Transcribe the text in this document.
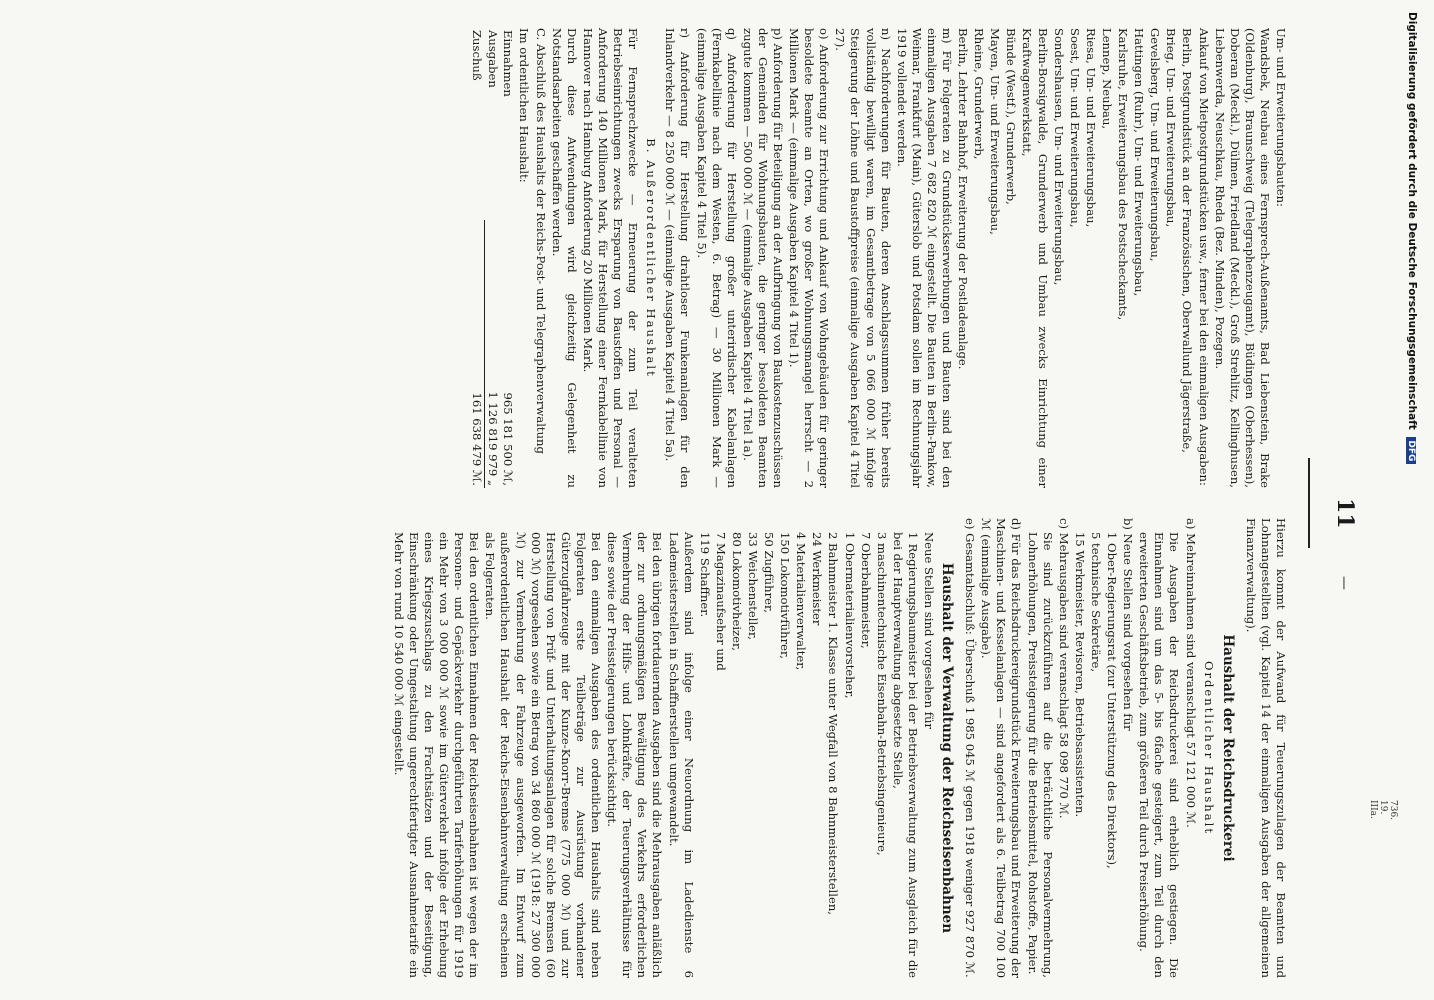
11
—
Um- und Erweiterungsbauten:
Wandsbek, Neubau eines Fernsprech-Außenamts, Bad Liebenstein, Brake (Oldenburg), Braunschweig (Telegraphenzeugamt), Büdingen (Oberhessen), Doberan (Meckl.), Dülmen, Friedland (Meckl.), Groß Strehlitz, Kellinghusen, Liebenwerda, Neuschkau, Rheda (Bez. Minden), Pozegen.
Ankauf von Mietpostgrundstücken usw., ferner bei den einmaligen Ausgaben:
Berlin, Postgrundstück an der Französischen, Oberwallund Jägerstraße,
Brieg, Um- und Erweiterungsbau,
Gevelsberg, Um- und Erweiterungsbau,
Hattingen (Ruhr), Um- und Erweiterungsbau,
Karlsruhe, Erweiterungsbau des Postscheckamts,
Lennep, Neubau,
Riesa, Um- und Erweiterungsbau,
Soest, Um- und Erweiterungsbau,
Sondershausen, Um- und Erweiterungsbau,
Berlin-Borsigwalde, Grunderwerb und Umbau zwecks Einrichtung einer Kraftwagenwerkstatt,
Bünde (Westf.), Grunderwerb,
Mayen, Um- und Erweiterungsbau,
Rheine, Grunderwerb,
Berlin, Lehrter Bahnhof, Erweiterung der Postladeanlage.
m) Für Folgeraten zu Grundstückserwerbungen und Bauten sind bei den einmaligen Ausgaben 7 682 820 ℳ eingestellt. Die Bauten in Berlin-Pankow, Weimar, Frankfurt (Main), Güterslob und Potsdam sollen im Rechnungsjahr 1919 vollendet werden.
n) Nachforderungen für Bauten, deren Anschlagssummen früher bereits vollständig bewilligt waren, im Gesamtbetrage von 5 066 000 ℳ infolge Steigerung der Löhne und Baustoffpreise (einmalige Ausgaben Kapitel 4 Titel 27).
o) Anforderung zur Errichtung und Ankauf von Wohngebäuden für geringer besoldete Beamte an Orten, wo großer Wohnungsmangel herrscht — 2 Millionen Mark — (einmalige Ausgaben Kapitel 4 Titel 1).
p) Anforderung für Beteiligung an der Aufbringung von Baukostenzuschüssen der Gemeinden für Wohnungsbauten, die geringer besoldeten Beamten zugute kommen — 500 000 ℳ — (einmalige Ausgaben Kapitel 4 Titel 1a).
q) Anforderung für Herstellung großer unterirdischer Kabelanlagen (Fernkabellinie nach dem Westen, 6. Betrag) — 30 Millionen Mark — (einmalige Ausgaben Kapitel 4 Titel 5).
r) Anforderung für Herstellung drahtloser Funkenanlagen für den Inlandverkehr — 8 250 000 ℳ — (einmalige Ausgaben Kapitel 4 Titel 5a).
B. Außerordentlicher Haushalt
Für Fernsprechzwecke — Erneuerung der zum Teil veralteten Betriebseinrichtungen zwecks Ersparung von Baustoffen und Personal — Anforderung 140 Millionen Mark, für Herstellung einer Fernkabellinie von Hannover nach Hamburg Anforderung 20 Millionen Mark.
Durch diese Aufwendungen wird gleichzeitig Gelegenheit zu Notstandsarbeiten geschaffen werden.
C. Abschluß des Haushalts der Reichs-Post- und Telegraphenverwaltung
Im ordentlichen Haushalt:
Einnahmen	965 181 500 ℳ,
Ausgaben	1 126 819 979 „
Zuschuß	161 638 479 ℳ.
Hierzu kommt der Aufwand für Teuerungszulagen der Beamten und Lohnangestellten (vgl. Kapitel 14 der einmaligen Ausgaben der allgemeinen Finanzverwaltung).
Haushalt der Reichsdruckerei
Ordentlicher Haushalt
a) Mehreinnahmen sind veranschlagt 57 121 000 ℳ.
Die Ausgaben der Reichsdruckerei sind erheblich gestiegen. Die Einnahmen sind um das 5- bis 6fache gesteigert, zum Teil durch den erweiterten Geschäftsbetrieb, zum größeren Teil durch Preiserhöhung.
b) Neue Stellen sind vorgesehen für
1 Ober-Regierungsrat (zur Unterstützung des Direktors),
5 technische Sekretäre,
15 Werkmeister, Revisoren, Betriebsassistenten.
c) Mehrausgaben sind veranschlagt 58 098 770 ℳ.
Sie sind zurückzuführen auf die beträchtliche Personalvermehrung, Lohnerhöhungen, Preissteigerung für die Betriebsmittel, Rohstoffe, Papier.
d) Für das Reichsdruckereigrundstück Erweiterungsbau und Erweiterung der Maschinen- und Kesselanlagen — sind angefordert als 6. Teilbetrag 700 100 ℳ (einmalige Ausgabe).
e) Gesamtabschluß: Überschuß 1 985 045 ℳ gegen 1918 weniger 927 870 ℳ.
Haushalt der Verwaltung der Reichseisenbahnen
Neue Stellen sind vorgesehen für
1 Regierungsbaumeister bei der Betriebsverwaltung zum Ausgleich für die bei der Hauptverwaltung abgesetzte Stelle,
3 maschinentechnische Eisenbahn-Betriebsingenieure,
7 Oberbahnmeister,
1 Obermaterialienvorsteher,
2 Bahnmeister 1. Klasse unter Wegfall von 8 Bahnmeisterstellen,
24 Werkmeister
4 Materialienverwalter,
150 Lokomotivführer,
50 Zugführer,
33 Weichensteller,
80 Lokomotivheizer,
7 Magazinaufseher und
119 Schaffner.
Außerdem sind infolge einer Neuordnung im Ladedienste 6 Lademeisterstellen in Schaffnerstellen umgewandelt.
Bei den übrigen fortdauernden Ausgaben sind die Mehrausgaben anläßlich der zur ordnungsmäßigen Bewältigung des Verkehrs erforderlichen Vermehrung der Hilfs- und Lohnkräfte, der Teuerungsverhältnisse für diese sowie der Preissteigerungen berücksichtigt.
Bei den einmaligen Ausgaben des ordentlichen Haushalts sind neben Folgeraten erste Teilbeträge zur Ausrüstung vorhandener Güterzugfahrzeuge mit der Kunze-Knorr-Bremse (775 000 ℳ) und zur Herstellung von Prüf- und Unterhaltungsanlagen für solche Bremsen (60 000 ℳ) vorgesehen sowie ein Betrag von 34 860 000 ℳ (1918: 27 300 000 ℳ) zur Vermehrung der Fahrzeuge ausgeworfen. Im Entwurf zum außerordentlichen Haushalt der Reichs-Eisenbahnverwaltung erscheinen als Folgeraten.
Bei den ordentlichen Einnahmen der Reichseisenbahnen ist wegen der im Personen- und Gepäckverkehr durchgeführten Tariferhöhungen für 1919 ein Mehr von 3 000 000 ℳ sowie im Güterverkehr infolge der Erhebung eines Kriegszuschlags zu den Frachtsätzen und der Beseitigung, Einschränkung oder Umgestaltung ungerechtfertigter Ausnahmetarife ein Mehr von rund 10 540 000 ℳ eingestellt.
Digitalisierung gefördert durch die Deutsche Forschungsgemeinschaft DFG
736. 19. IIIa.
